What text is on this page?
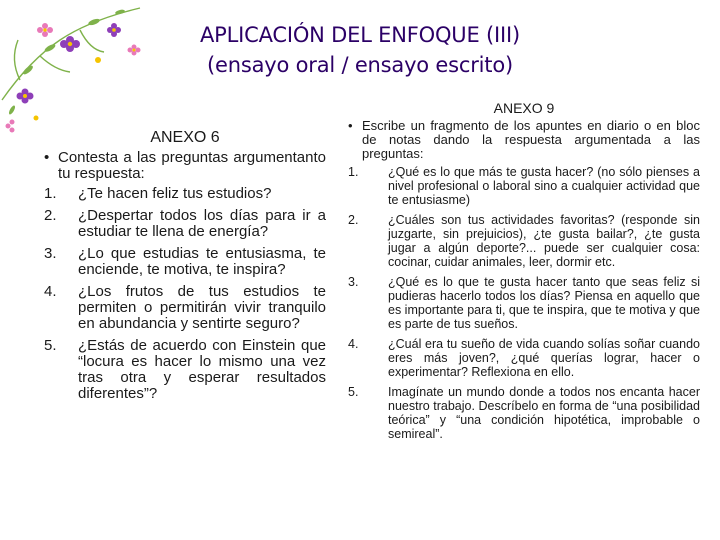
APLICACIÓN DEL ENFOQUE (III)
(ensayo oral / ensayo escrito)
ANEXO 6
• Contesta a las preguntas argumentanto tu respuesta:
1.	¿Te hacen feliz tus estudios?
2.	¿Despertar todos los días para ir a estudiar te llena de energía?
3.	¿Lo que estudias te entusiasma, te enciende, te motiva, te inspira?
4.	¿Los frutos de tus estudios te permiten o permitirán vivir tranquilo en abundancia y sentirte seguro?
5.	¿Estás de acuerdo con Einstein que “locura es hacer lo mismo una vez tras otra y esperar resultados diferentes”?
ANEXO 9
• Escribe un fragmento de los apuntes en diario o en bloc de notas dando la respuesta argumentada a las preguntas:
1.	¿Qué es lo que más te gusta hacer? (no sólo pienses a nivel profesional o laboral sino a cualquier actividad que te entusiasme)
2.	¿Cuáles son tus actividades favoritas? (responde sin juzgarte, sin prejuicios), ¿te gusta bailar?, ¿te gusta jugar a algún deporte?... puede ser cualquier cosa: cocinar, cuidar animales, leer, dormir etc.
3.	¿Qué es lo que te gusta hacer tanto que seas feliz si pudieras hacerlo todos los días? Piensa en aquello que es importante para ti, que te inspira, que te motiva y que es parte de tus sueños.
4.	¿Cuál era tu sueño de vida cuando solías soñar cuando eres más joven?, ¿qué querías lograr, hacer o experimentar? Reflexiona en ello.
5.	Imagínate un mundo donde a todos nos encanta hacer nuestro trabajo. Descríbelo en forma de “una posibilidad teórica” y “una condición hipotética, improbable o semireal”.
